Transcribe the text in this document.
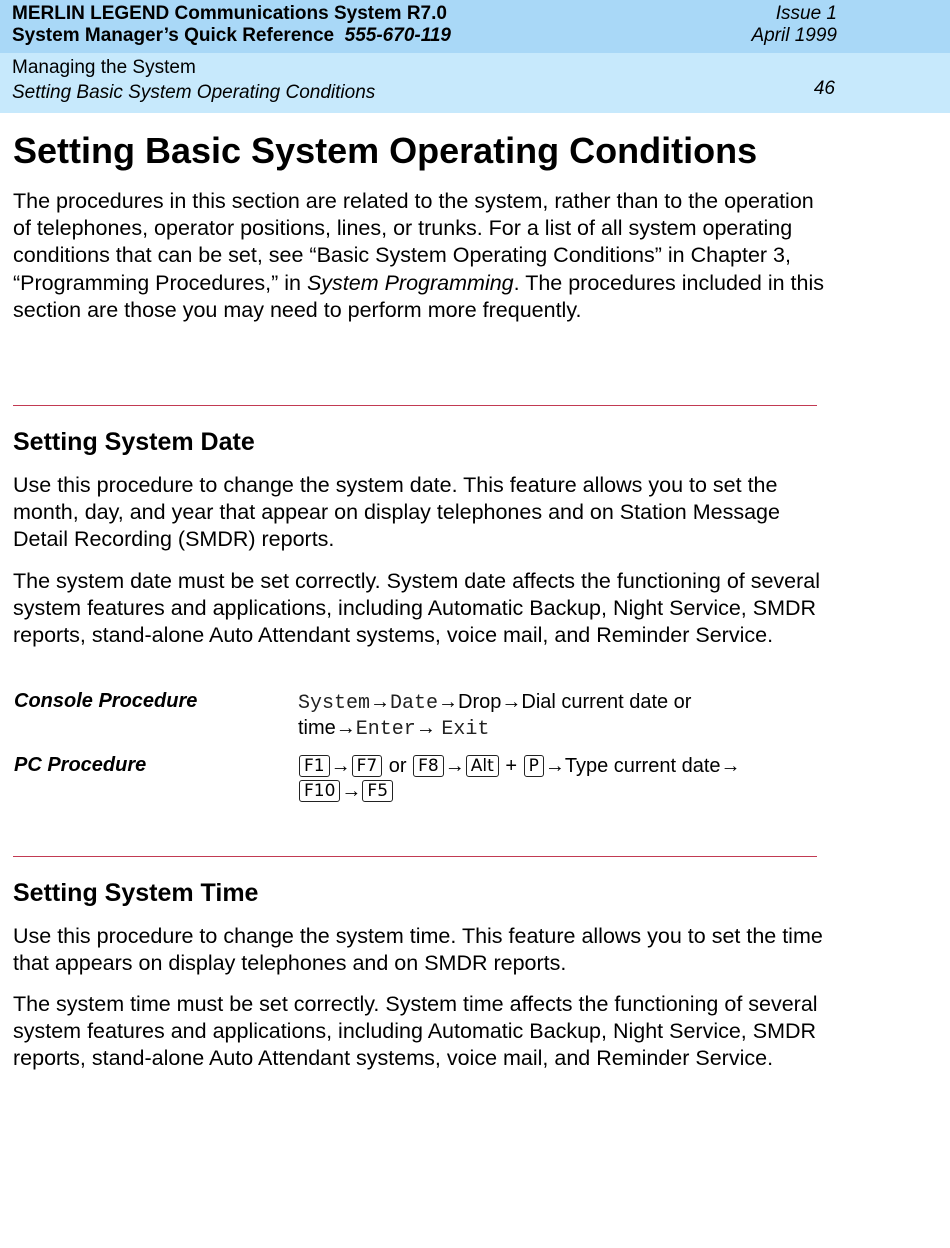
MERLIN LEGEND Communications System R7.0
System Manager’s Quick Reference 555-670-119
Issue 1
April 1999
Managing the System
Setting Basic System Operating Conditions	46
Setting Basic System Operating Conditions

The procedures in this section are related to the system, rather than to the operation of telephones, operator positions, lines, or trunks. For a list of all system operating conditions that can be set, see “Basic System Operating Conditions” in Chapter 3, “Programming Procedures,” in System Programming. The procedures included in this section are those you may need to perform more frequently.

Setting System Date

Use this procedure to change the system date. This feature allows you to set the month, day, and year that appear on display telephones and on Station Message Detail Recording (SMDR) reports.

The system date must be set correctly. System date affects the functioning of several system features and applications, including Automatic Backup, Night Service, SMDR reports, stand-alone Auto Attendant systems, voice mail, and Reminder Service.

Console Procedure	System→Date→Drop→Dial current date or time→Enter→ Exit
PC Procedure	F1 → F7 or F8 → Alt + P →Type current date→F10 → F5
Setting System Time

Use this procedure to change the system time. This feature allows you to set the time that appears on display telephones and on SMDR reports.

The system time must be set correctly. System time affects the functioning of several system features and applications, including Automatic Backup, Night Service, SMDR reports, stand-alone Auto Attendant systems, voice mail, and Reminder Service.
